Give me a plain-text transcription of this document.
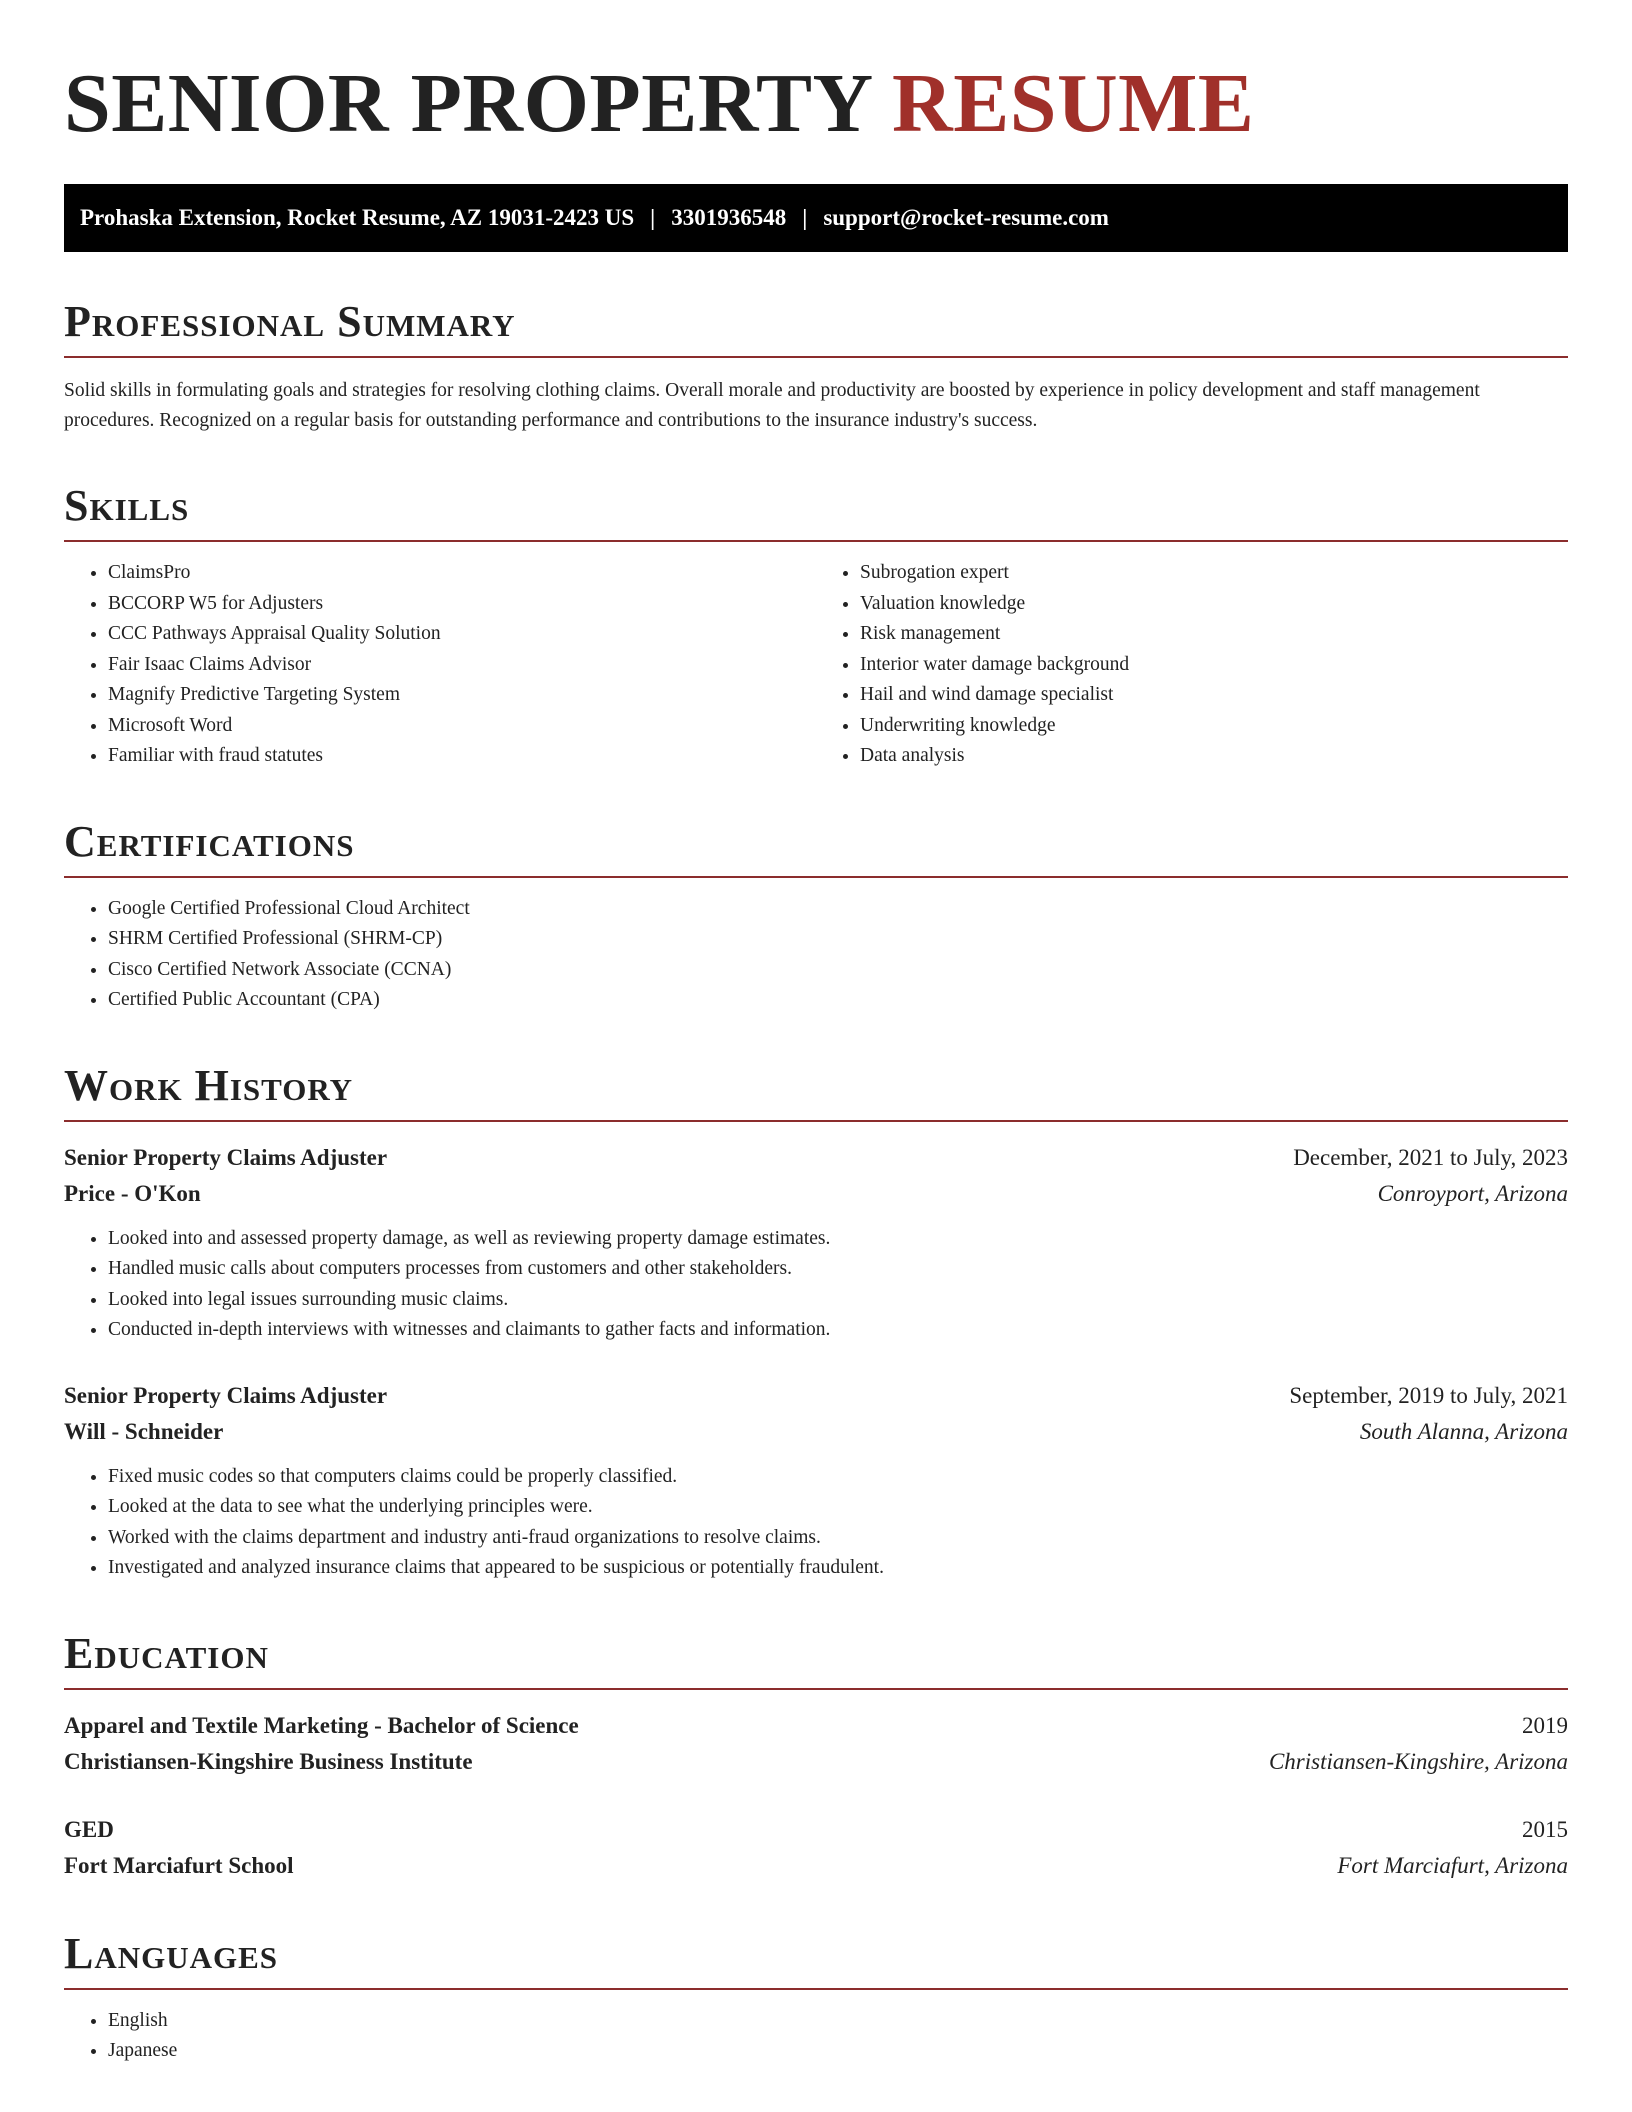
SENIOR PROPERTY RESUME
Prohaska Extension, Rocket Resume, AZ 19031-2423 US | 3301936548 | support@rocket-resume.com
Professional Summary

Solid skills in formulating goals and strategies for resolving clothing claims. Overall morale and productivity are boosted by experience in policy development and staff management procedures. Recognized on a regular basis for outstanding performance and contributions to the insurance industry's success.

Skills
• ClaimsPro
• BCCORP W5 for Adjusters
• CCC Pathways Appraisal Quality Solution
• Fair Isaac Claims Advisor
• Magnify Predictive Targeting System
• Microsoft Word
• Familiar with fraud statutes
• Subrogation expert
• Valuation knowledge
• Risk management
• Interior water damage background
• Hail and wind damage specialist
• Underwriting knowledge
• Data analysis
Certifications
• Google Certified Professional Cloud Architect
• SHRM Certified Professional (SHRM-CP)
• Cisco Certified Network Associate (CCNA)
• Certified Public Accountant (CPA)
Work History
Senior Property Claims Adjuster	December, 2021 to July, 2023
Price - O'Kon	Conroyport, Arizona
• Looked into and assessed property damage, as well as reviewing property damage estimates.
• Handled music calls about computers processes from customers and other stakeholders.
• Looked into legal issues surrounding music claims.
• Conducted in-depth interviews with witnesses and claimants to gather facts and information.
Senior Property Claims Adjuster	September, 2019 to July, 2021
Will - Schneider	South Alanna, Arizona
• Fixed music codes so that computers claims could be properly classified.
• Looked at the data to see what the underlying principles were.
• Worked with the claims department and industry anti-fraud organizations to resolve claims.
• Investigated and analyzed insurance claims that appeared to be suspicious or potentially fraudulent.
Education
Apparel and Textile Marketing - Bachelor of Science	2019
Christiansen-Kingshire Business Institute	Christiansen-Kingshire, Arizona
GED	2015
Fort Marciafurt School	Fort Marciafurt, Arizona
Languages
• English
• Japanese
